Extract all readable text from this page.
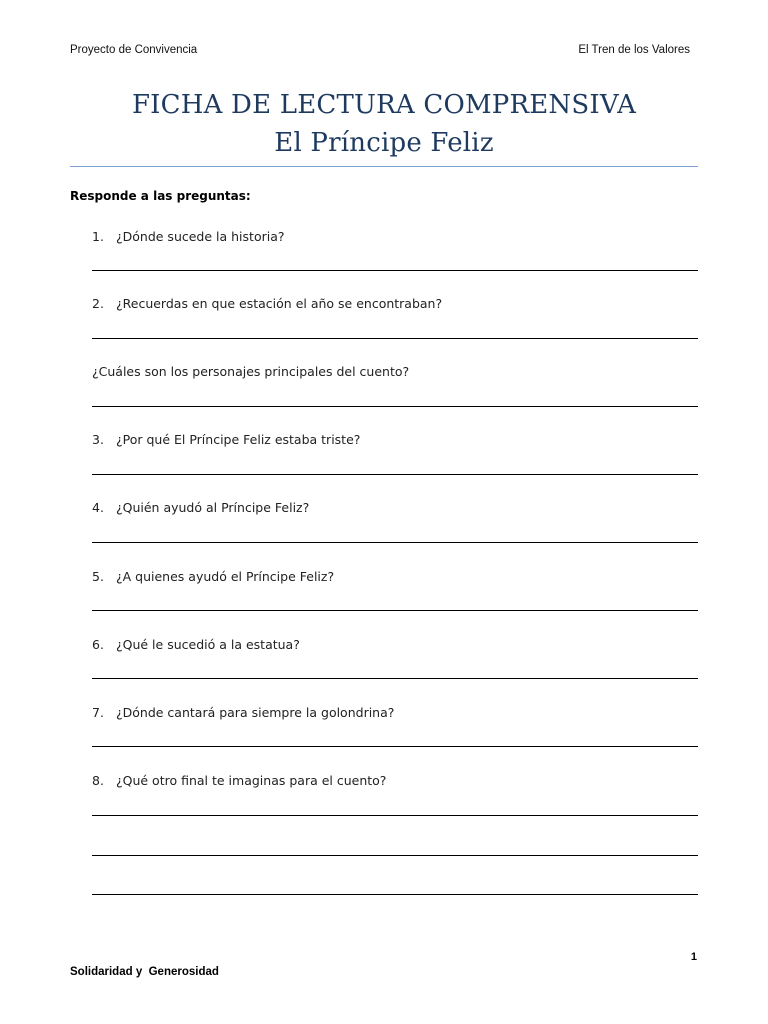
Proyecto de Convivencia	El Tren de los Valores
FICHA DE LECTURA COMPRENSIVA
El Príncipe Feliz
Responde a las preguntas:
1. ¿Dónde sucede la historia?
2. ¿Recuerdas en que estación el año se encontraban?
¿Cuáles son los personajes principales del cuento?
3. ¿Por qué El Príncipe Feliz estaba triste?
4. ¿Quién ayudó al Príncipe Feliz?
5. ¿A quienes ayudó el Príncipe Feliz?
6. ¿Qué le sucedió a la estatua?
7. ¿Dónde cantará para siempre la golondrina?
8. ¿Qué otro final te imaginas para el cuento?
1
Solidaridad y  Generosidad
